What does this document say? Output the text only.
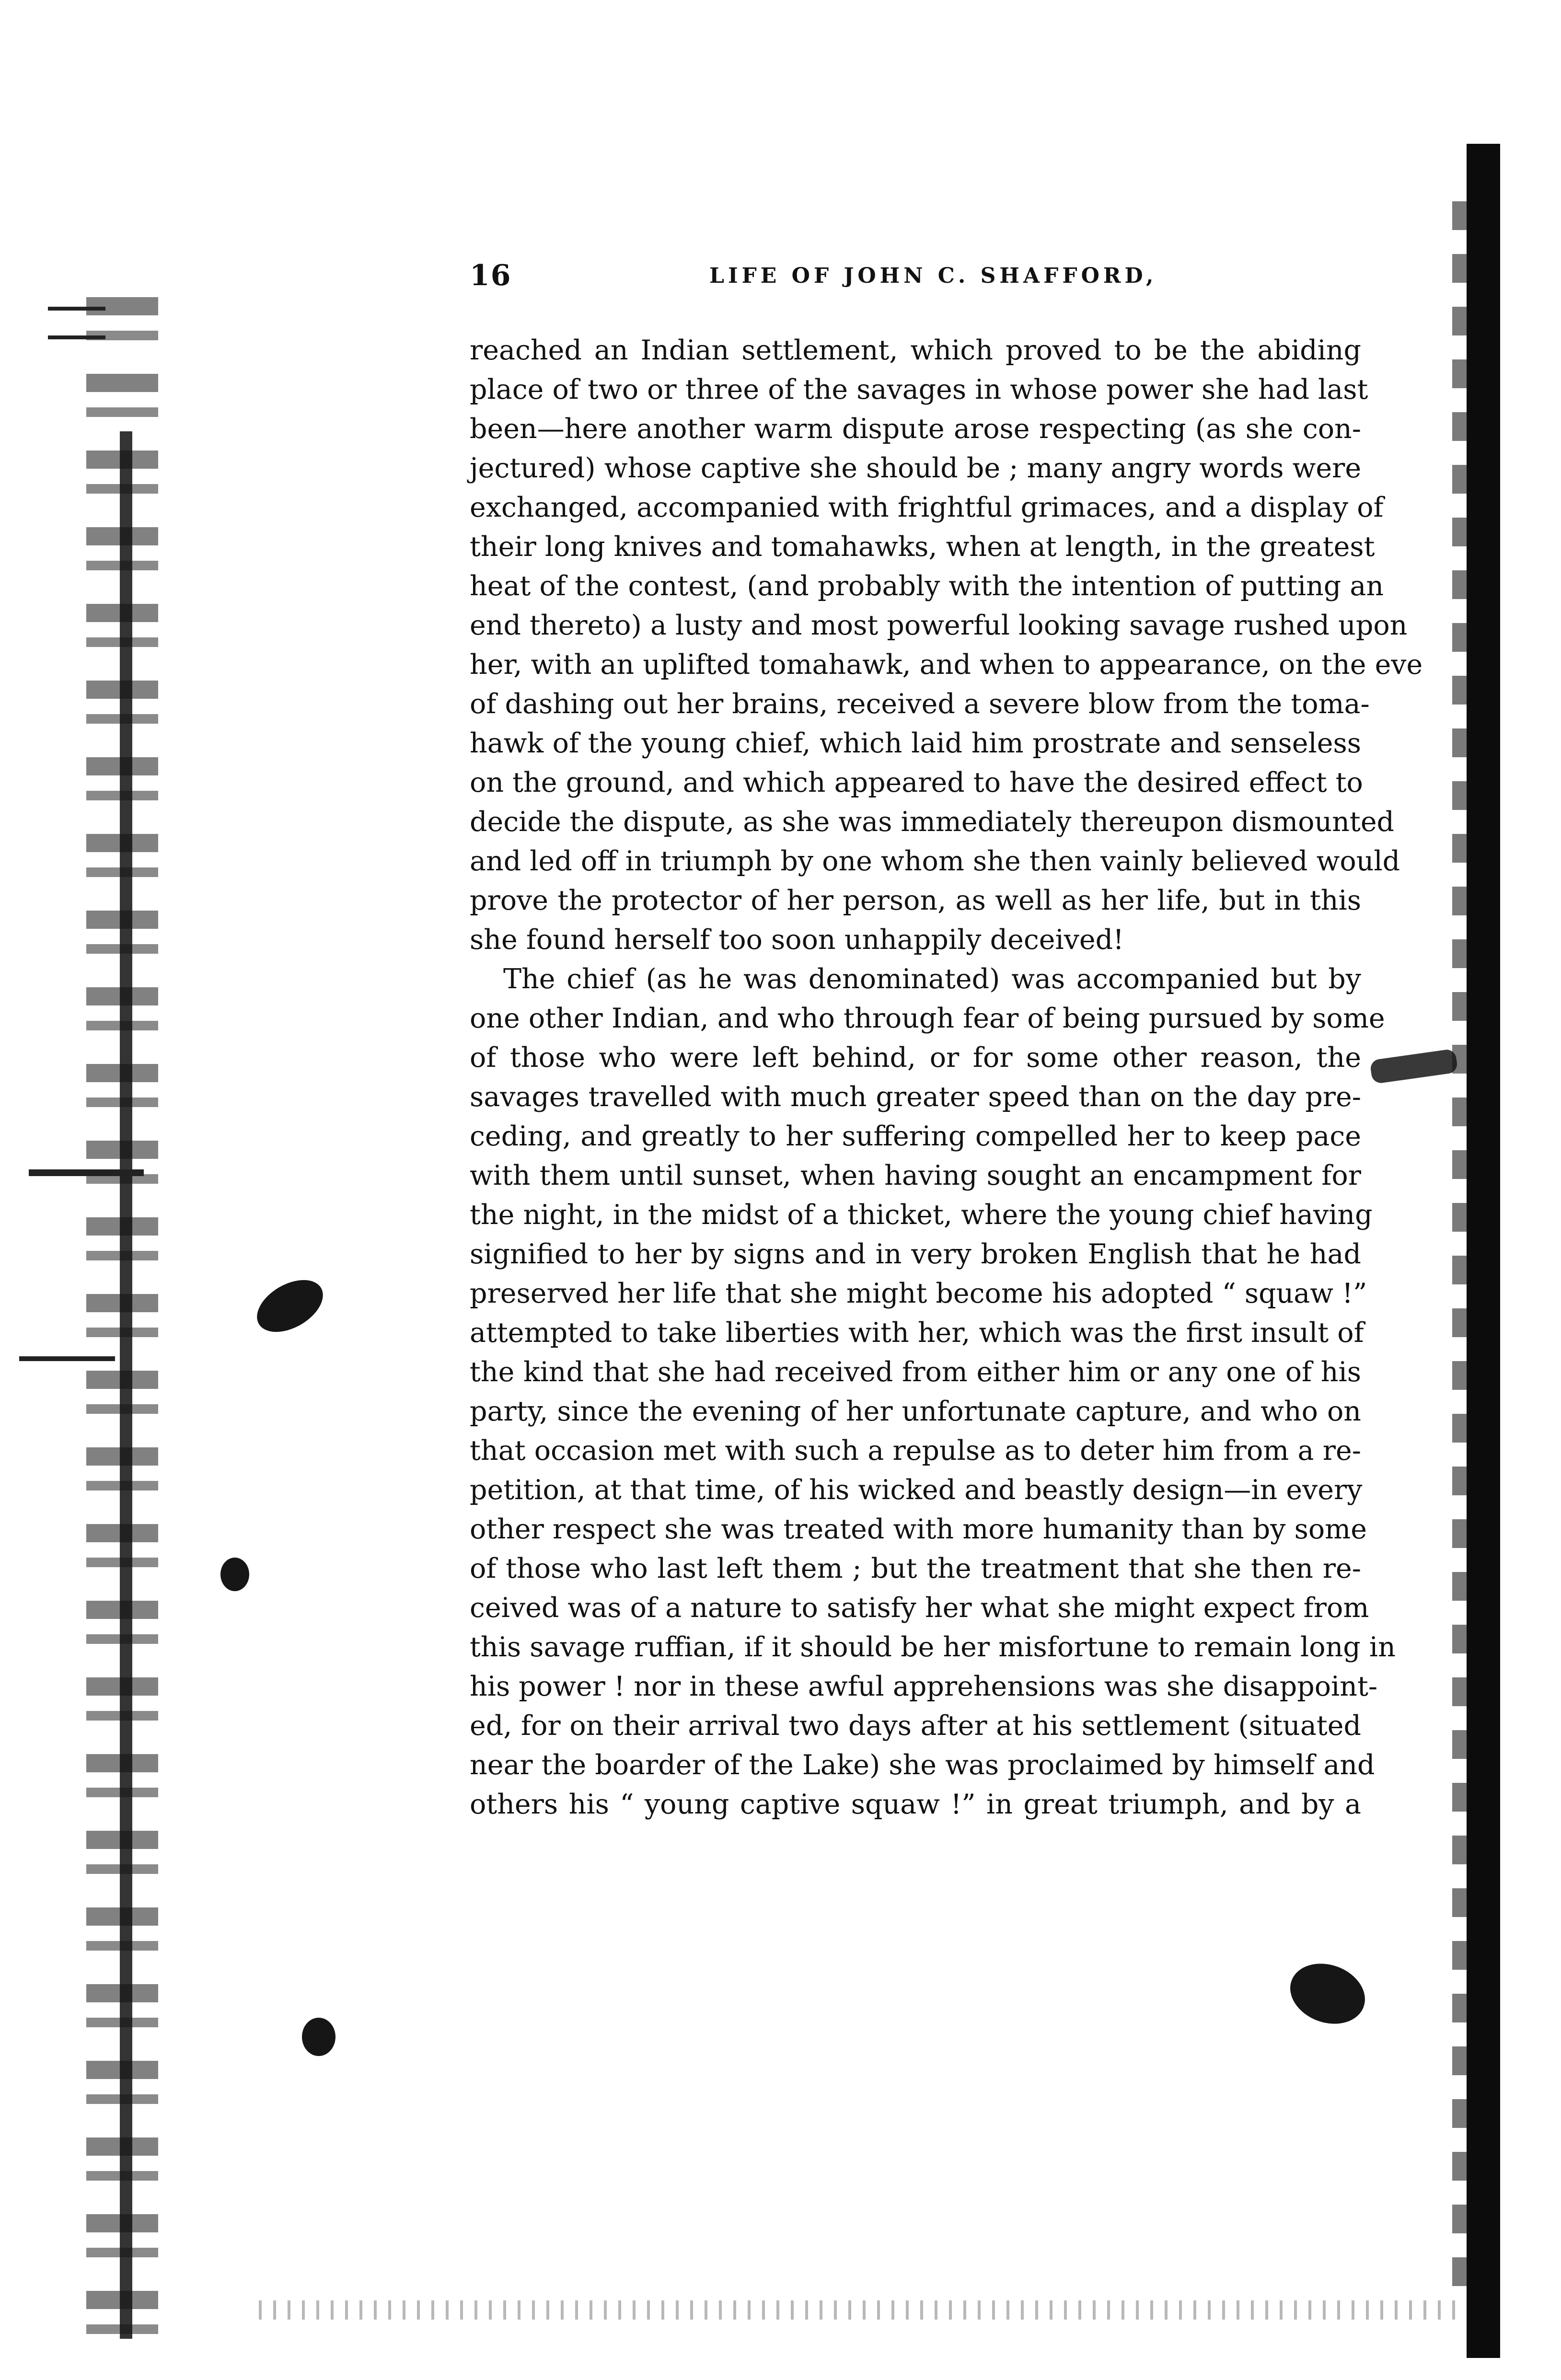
16	LIFE OF JOHN C. SHAFFORD,
reached an Indian settlement, which proved to be the abiding
place of two or three of the savages in whose power she had last
been—here another warm dispute arose respecting (as she con-
jectured) whose captive she should be ; many angry words were
exchanged, accompanied with frightful grimaces, and a display of
their long knives and tomahawks, when at length, in the greatest
heat of the contest, (and probably with the intention of putting an
end thereto) a lusty and most powerful looking savage rushed upon
her, with an uplifted tomahawk, and when to appearance, on the eve
of dashing out her brains, received a severe blow from the toma-
hawk of the young chief, which laid him prostrate and senseless
on the ground, and which appeared to have the desired effect to
decide the dispute, as she was immediately thereupon dismounted
and led off in triumph by one whom she then vainly believed would
prove the protector of her person, as well as her life, but in this
she found herself too soon unhappily deceived!
The chief (as he was denominated) was accompanied but by
one other Indian, and who through fear of being pursued by some
of those who were left behind, or for some other reason, the
savages travelled with much greater speed than on the day pre-
ceding, and greatly to her suffering compelled her to keep pace
with them until sunset, when having sought an encampment for
the night, in the midst of a thicket, where the young chief having
signified to her by signs and in very broken English that he had
preserved her life that she might become his adopted “ squaw !”
attempted to take liberties with her, which was the first insult of
the kind that she had received from either him or any one of his
party, since the evening of her unfortunate capture, and who on
that occasion met with such a repulse as to deter him from a re-
petition, at that time, of his wicked and beastly design—in every
other respect she was treated with more humanity than by some
of those who last left them ; but the treatment that she then re-
ceived was of a nature to satisfy her what she might expect from
this savage ruffian, if it should be her misfortune to remain long in
his power ! nor in these awful apprehensions was she disappoint-
ed, for on their arrival two days after at his settlement (situated
near the boarder of the Lake) she was proclaimed by himself and
others his “ young captive squaw !” in great triumph, and by a
